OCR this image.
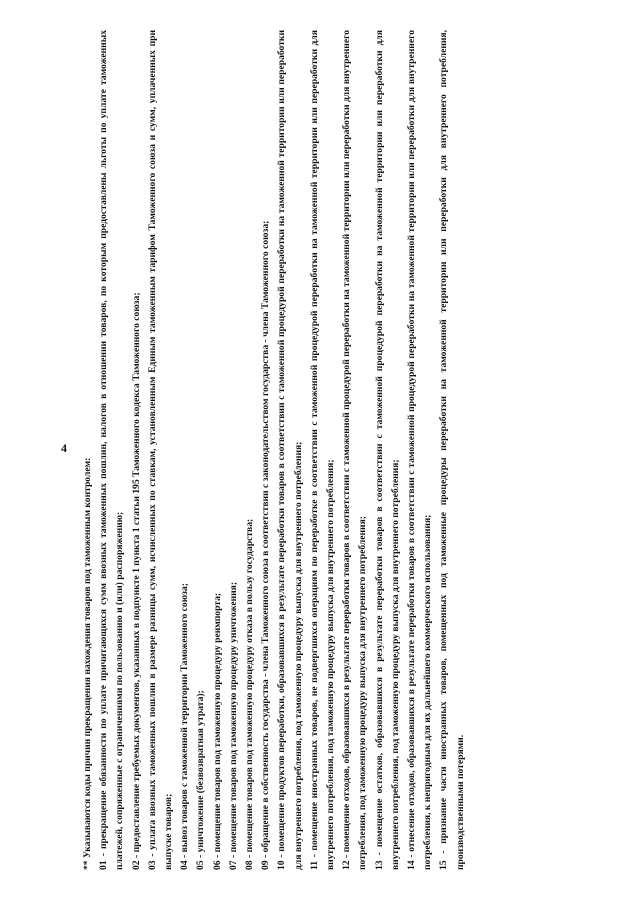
4

** Указываются коды причин прекращения нахождения товаров под таможенным контролем: 01 - прекращение обязанности по уплате причитающихся сумм ввозных таможенных пошлин, налогов в отношении товаров, по которым предоставлены льготы по уплате таможенных платежей, сопряженные с ограничениями по пользованию и (или) распоряжению; 02 - предоставление требуемых документов, указанных в подпункте 1 пункта 1 статьи 195 Таможенного кодекса Таможенного союза; 03 - уплата ввозных таможенных пошлин в размере разницы сумм, исчисленных по ставкам, установленным Единым таможенным тарифом Таможенного союза и сумм, уплаченных при выпуске товаров; 04 - вывоз товаров с таможенной территории Таможенного союза; 05 - уничтожение (безвозвратная утрата); 06 - помещение товаров под таможенную процедуру реимпорта; 07 - помещение товаров под таможенную процедуру уничтожения; 08 - помещение товаров под таможенную процедуру отказа в пользу государства; 09 - обращение в собственность государства - члена Таможенного союза в соответствии с законодательством государства - члена Таможенного союза; 10 - помещение продуктов переработки, образовавшихся в результате переработки товаров в соответствии с таможенной процедурой переработки на таможенной территории или переработки для внутреннего потребления, под таможенную процедуру выпуска для внутреннего потребления; 11 - помещение иностранных товаров, не подвергшихся операциям по переработке в соответствии с таможенной процедурой переработки на таможенной территории или переработки для внутреннего потребления, под таможенную процедуру выпуска для внутреннего потребления; 12 - помещение отходов, образовавшихся в результате переработки товаров в соответствии с таможенной процедурой переработки на таможенной территории или переработки для внутреннего потребления, под таможенную процедуру выпуска для внутреннего потребления; 13 - помещение остатков, образовавшихся в результате переработки товаров в соответствии с таможенной процедурой переработки на таможенной территории или переработки для внутреннего потребления, под таможенную процедуру выпуска для внутреннего потребления; 14 - отнесение отходов, образовавшихся в результате переработки товаров в соответствии с таможенной процедурой переработки на таможенной территории или переработки для внутреннего потребления, к непригодным для их дальнейшего коммерческого использования; 15 - признание части иностранных товаров, помещенных под таможенные процедуры переработки на таможенной территории или переработки для внутреннего потребления, производственными потерями.
